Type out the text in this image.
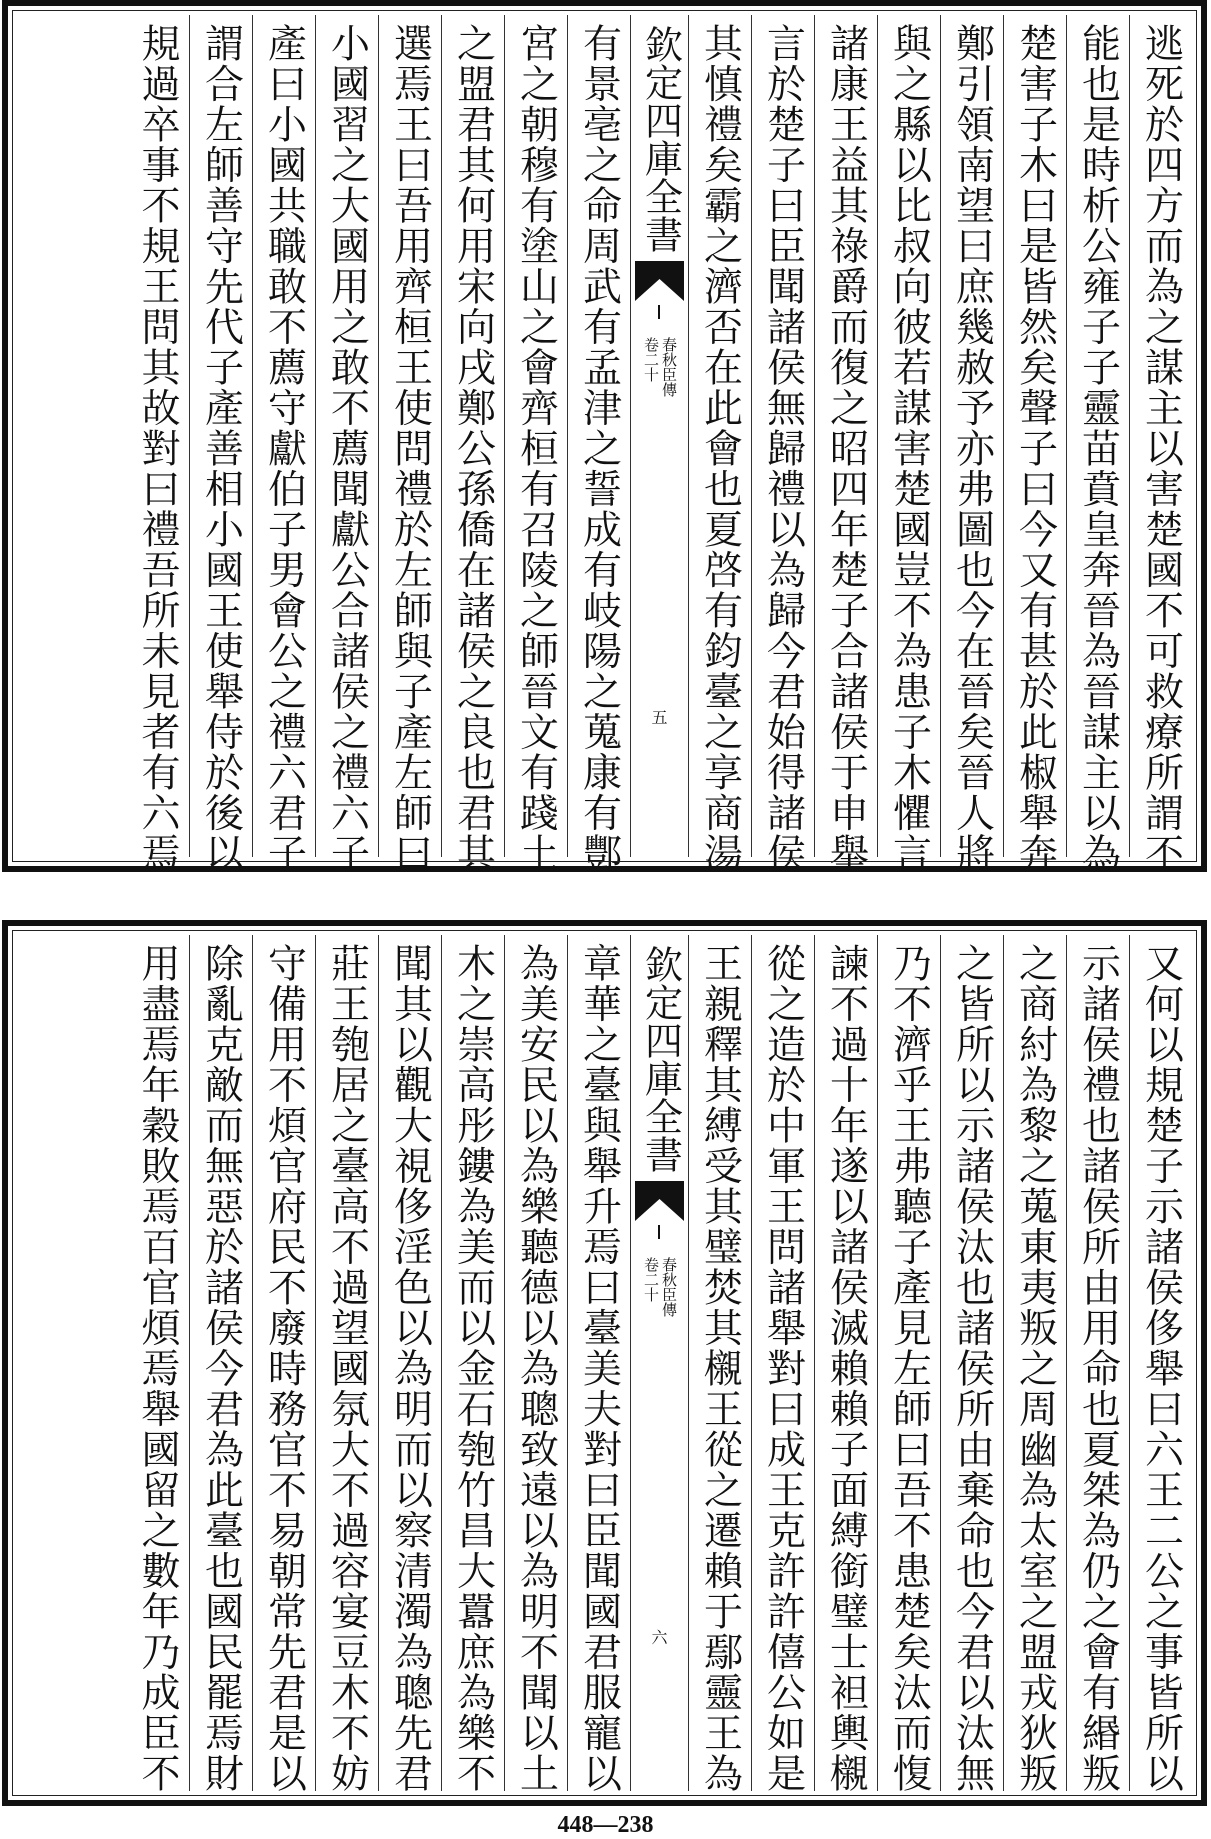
逃死於四方而為之謀主以害楚國不可救療所謂不
能也是時析公雍子子靈苗賁皇奔晉為晉謀主以為
楚害子木曰是皆然矣聲子曰今又有甚於此椒舉奔
鄭引領南望曰庶幾赦予亦弗圖也今在晉矣晉人將
與之縣以比叔向彼若謀害楚國豈不為患子木懼言
諸康王益其祿爵而復之昭四年楚子合諸侯于申舉
言於楚子曰臣聞諸侯無歸禮以為歸今君始得諸侯
其慎禮矣霸之濟否在此會也夏啓有鈞臺之享商湯
欽定四庫全書
春秋臣傳
卷二十
五
有景亳之命周武有孟津之誓成有岐陽之蒐康有酆
宮之朝穆有塗山之會齊桓有召陵之師晉文有踐土
之盟君其何用宋向戌鄭公孫僑在諸侯之良也君其
選焉王曰吾用齊桓王使問禮於左師與子產左師曰
小國習之大國用之敢不薦聞獻公合諸侯之禮六子
產曰小國共職敢不薦守獻伯子男會公之禮六君子
謂合左師善守先代子產善相小國王使舉侍於後以
規過卒事不規王問其故對曰禮吾所未見者有六焉
又何以規楚子示諸侯侈舉曰六王二公之事皆所以
示諸侯禮也諸侯所由用命也夏桀為仍之會有緡叛
之商紂為黎之蒐東夷叛之周幽為太室之盟戎狄叛
之皆所以示諸侯汰也諸侯所由棄命也今君以汰無
乃不濟乎王弗聽子產見左師曰吾不患楚矣汰而愎
諫不過十年遂以諸侯滅賴賴子面縛銜璧士袒輿櫬
從之造於中軍王問諸舉對曰成王克許許僖公如是
王親釋其縛受其璧焚其櫬王從之遷賴于鄢靈王為
欽定四庫全書
春秋臣傳
卷二十
六
章華之臺與舉升焉曰臺美夫對曰臣聞國君服寵以
為美安民以為樂聽德以為聰致遠以為明不聞以土
木之崇高彤鏤為美而以金石匏竹昌大囂庶為樂不
聞其以觀大視侈淫色以為明而以察清濁為聰先君
莊王匏居之臺高不過望國氛大不過容宴豆木不妨
守備用不煩官府民不廢時務官不易朝常先君是以
除亂克敵而無惡於諸侯今君為此臺也國民罷焉財
用盡焉年穀敗焉百官煩焉舉國留之數年乃成臣不
448—238
